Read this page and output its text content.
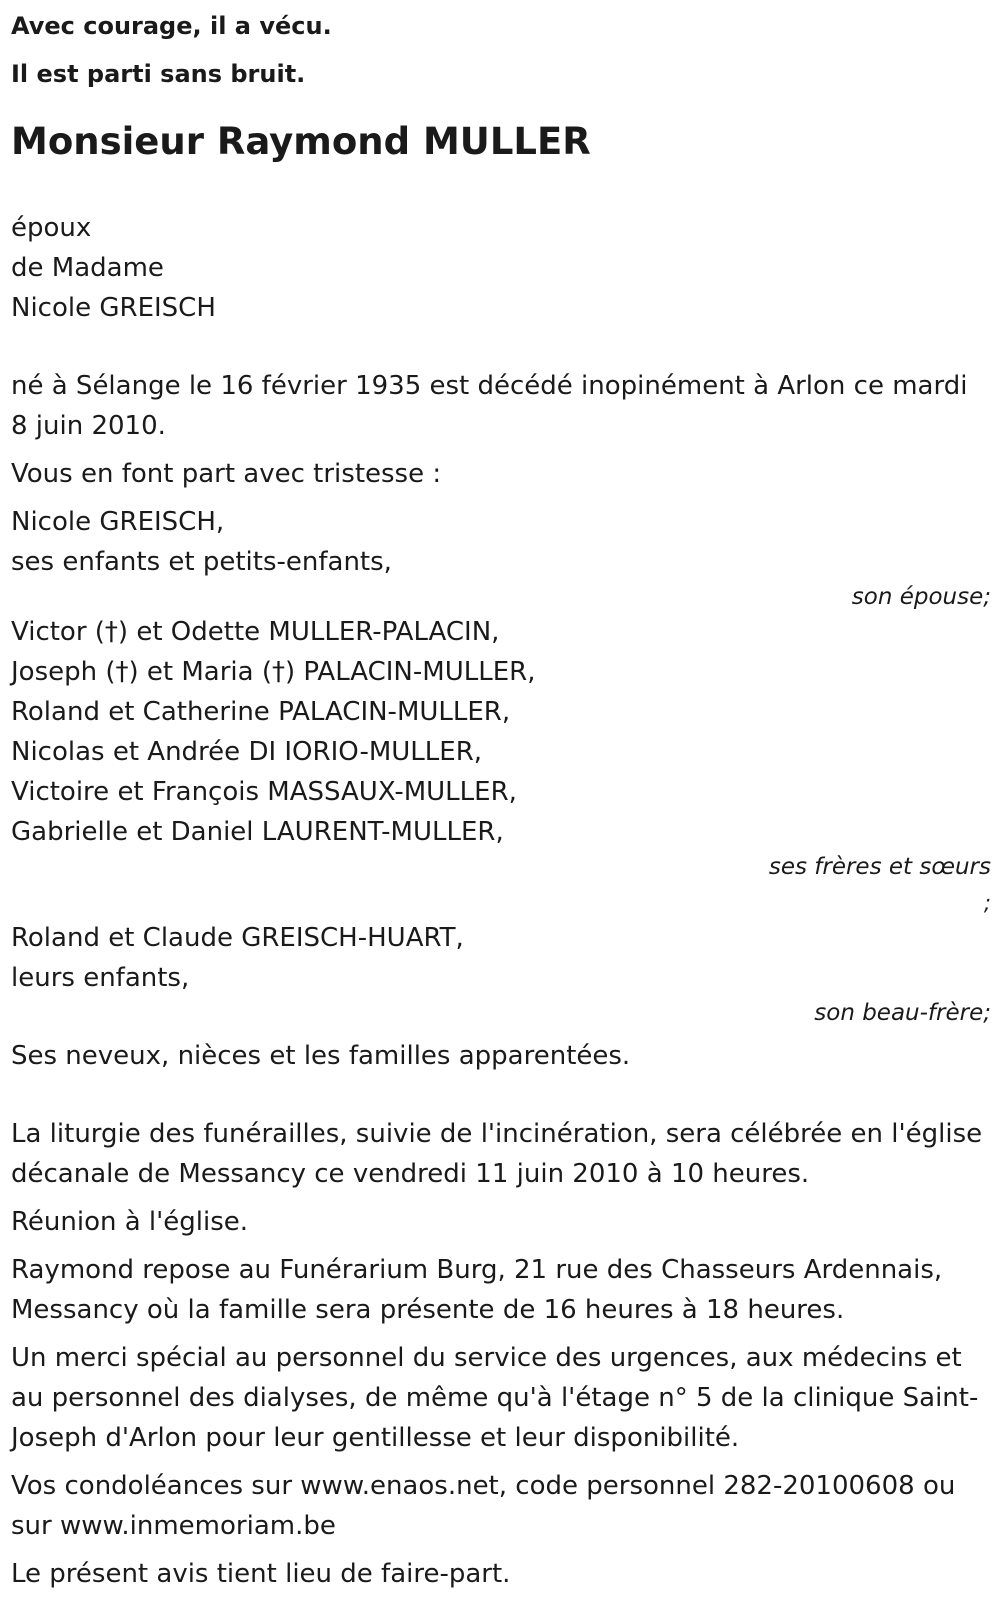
Avec courage, il a vécu.

Il est parti sans bruit.

Monsieur Raymond MULLER
époux
de Madame
Nicole GREISCH

né à Sélange le 16 février 1935 est décédé inopinément à Arlon ce mardi 8 juin 2010.

Vous en font part avec tristesse :

Nicole GREISCH,
ses enfants et petits-enfants,
son épouse;
Victor (†) et Odette MULLER-PALACIN,
Joseph (†) et Maria (†) PALACIN-MULLER,
Roland et Catherine PALACIN-MULLER,
Nicolas et Andrée DI IORIO-MULLER,
Victoire et François MASSAUX-MULLER,
Gabrielle et Daniel LAURENT-MULLER,
ses frères et sœurs
;
Roland et Claude GREISCH-HUART,
leurs enfants,
son beau-frère;

Ses neveux, nièces et les familles apparentées.

La liturgie des funérailles, suivie de l'incinération, sera célébrée en l'église décanale de Messancy ce vendredi 11 juin 2010 à 10 heures.

Réunion à l'église.

Raymond repose au Funérarium Burg, 21 rue des Chasseurs Ardennais, Messancy où la famille sera présente de 16 heures à 18 heures.

Un merci spécial au personnel du service des urgences, aux médecins et au personnel des dialyses, de même qu'à l'étage n° 5 de la clinique Saint-Joseph d'Arlon pour leur gentillesse et leur disponibilité.

Vos condoléances sur www.enaos.net, code personnel 282-20100608 ou sur www.inmemoriam.be

Le présent avis tient lieu de faire-part.
